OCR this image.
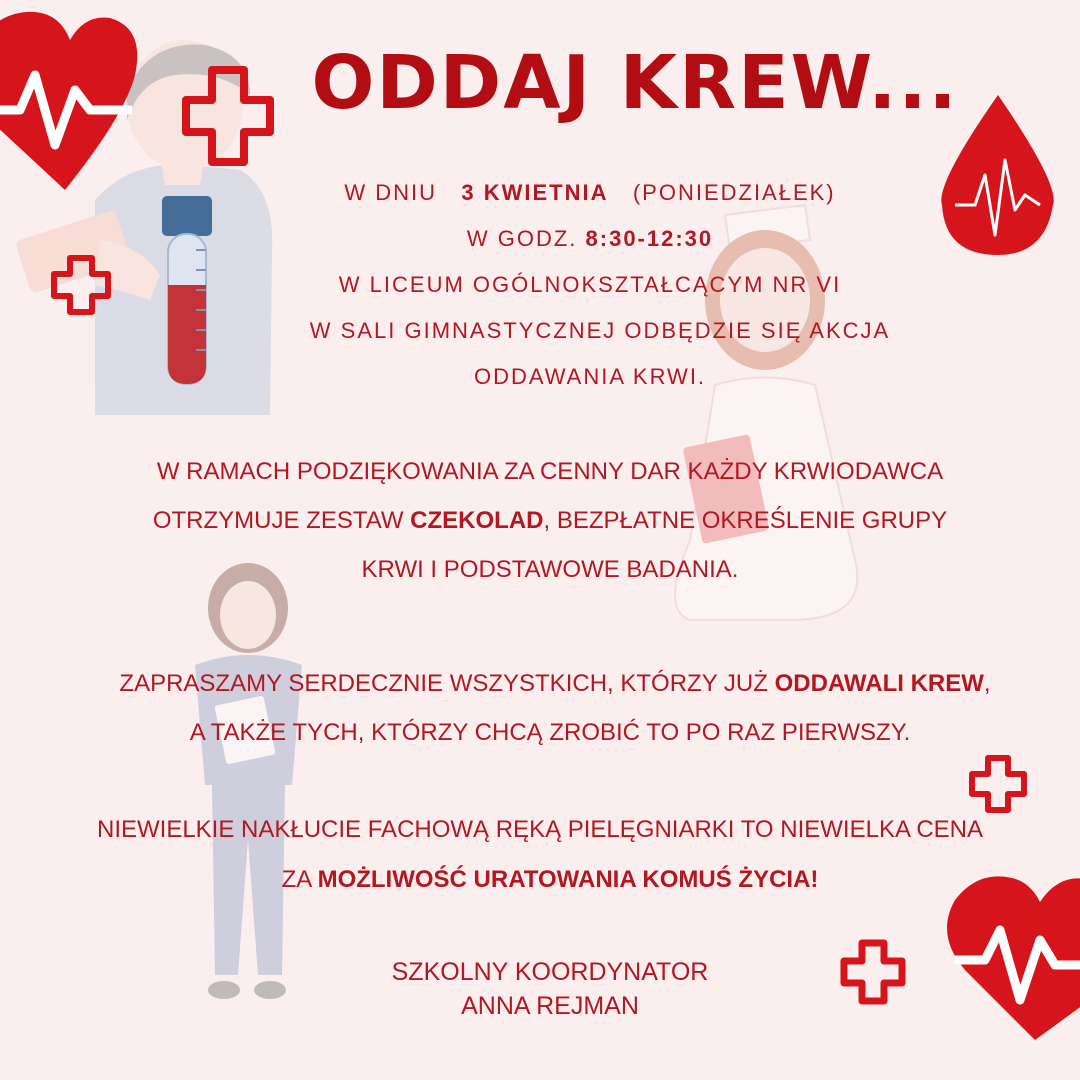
ODDAJ KREW...
W DNIU 3 KWIETNIA (PONIEDZIAŁEK)
W GODZ. 8:30-12:30
W LICEUM OGÓLNOKSZTAŁCĄCYM NR VI
W SALI GIMNASTYCZNEJ ODBĘDZIE SIĘ AKCJA
ODDAWANIA KRWI.
W RAMACH PODZIĘKOWANIA ZA CENNY DAR KAŻDY KRWIODAWCA
OTRZYMUJE ZESTAW CZEKOLAD, BEZPŁATNE OKREŚLENIE GRUPY
KRWI I PODSTAWOWE BADANIA.
ZAPRASZAMY SERDECZNIE WSZYSTKICH, KTÓRZY JUŻ ODDAWALI KREW,
A TAKŻE TYCH, KTÓRZY CHCĄ ZROBIĆ TO PO RAZ PIERWSZY.
NIEWIELKIE NAKŁUCIE FACHOWĄ RĘKĄ PIELĘGNIARKI TO NIEWIELKA CENA
ZA MOŻLIWOŚĆ URATOWANIA KOMUŚ ŻYCIA!
SZKOLNY KOORDYNATOR
ANNA REJMAN
